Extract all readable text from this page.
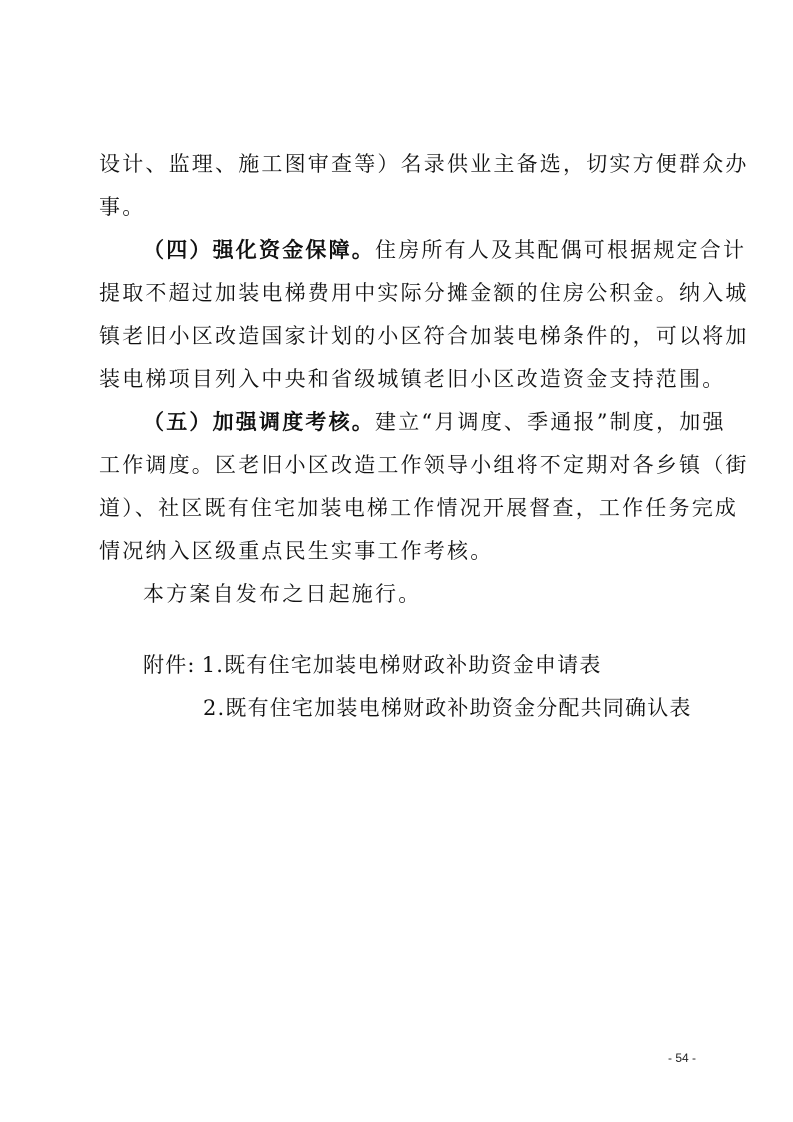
设计、监理、施工图审查等）名录供业主备选，切实方便群众办
事。
（四）强化资金保障。住房所有人及其配偶可根据规定合计
提取不超过加装电梯费用中实际分摊金额的住房公积金。纳入城
镇老旧小区改造国家计划的小区符合加装电梯条件的，可以将加
装电梯项目列入中央和省级城镇老旧小区改造资金支持范围。
（五）加强调度考核。建立“月调度、季通报”制度，加强
工作调度。区老旧小区改造工作领导小组将不定期对各乡镇（街
道）、社区既有住宅加装电梯工作情况开展督查，工作任务完成
情况纳入区级重点民生实事工作考核。
本方案自发布之日起施行。
附件: 1.既有住宅加装电梯财政补助资金申请表
2.既有住宅加装电梯财政补助资金分配共同确认表
- 54 -
